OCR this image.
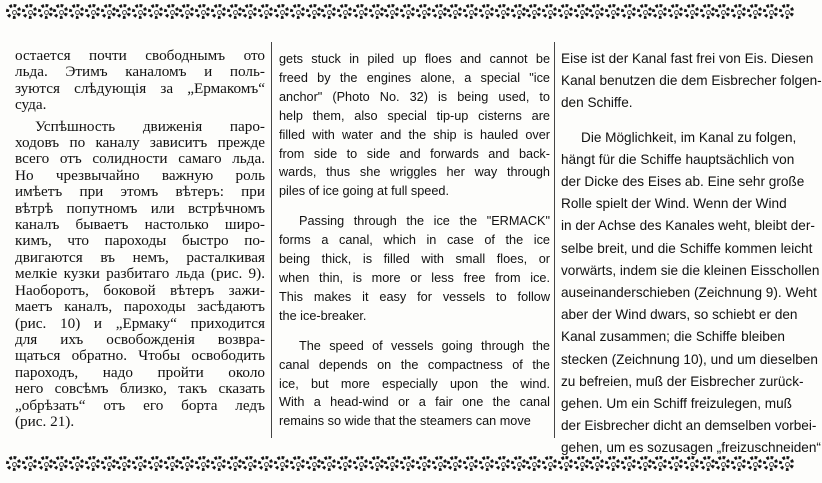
остается почти свободнымъ ото
льда. Этимъ каналомъ и поль-
зуются слѣдующія за „Ермакомъ“
суда.

Успѣшность движенія паро-
ходовъ по каналу зависитъ прежде
всего отъ солидности самаго льда.
Но чрезвычайно важную роль
имѣетъ при этомъ вѣтеръ: при
вѣтрѣ попутномъ или встрѣчномъ
каналъ бываетъ настолько широ-
кимъ, что пароходы быстро по-
двигаются въ немъ, расталкивая
мелкіе кузки разбитаго льда (рис. 9).
Наоборотъ, боковой вѣтеръ зажи-
маетъ каналъ, пароходы засѣдаютъ
(рис. 10) и „Ермаку“ приходится
для ихъ освобожденія возвра-
щаться обратно. Чтобы освободить
пароходъ, надо пройти около
него совсѣмъ близко, такъ сказать
„обрѣзать“ отъ его борта ледъ
(рис. 21).

gets stuck in piled up floes and cannot be
freed by the engines alone, a special "ice
anchor" (Photo No. 32) is being used, to
help them, also special tip-up cisterns are
filled with water and the ship is hauled over
from side to side and forwards and back-
wards, thus she wriggles her way through
piles of ice going at full speed.

Passing through the ice the "ERMACK"
forms a canal, which in case of the ice
being thick, is filled with small floes, or
when thin, is more or less free from ice.
This makes it easy for vessels to follow
the ice-breaker.

The speed of vessels going through the
canal depends on the compactness of the
ice, but more especially upon the wind.
With a head-wind or a fair one the canal
remains so wide that the steamers can move

Eise ist der Kanal fast frei von Eis. Diesen
Kanal benutzen die dem Eisbrecher folgen-
den Schiffe.

Die Möglichkeit, im Kanal zu folgen,
hängt für die Schiffe hauptsächlich von
der Dicke des Eises ab. Eine sehr große
Rolle spielt der Wind. Wenn der Wind
in der Achse des Kanales weht, bleibt der-
selbe breit, und die Schiffe kommen leicht
vorwärts, indem sie die kleinen Eisschollen
auseinanderschieben (Zeichnung 9). Weht
aber der Wind dwars, so schiebt er den
Kanal zusammen; die Schiffe bleiben
stecken (Zeichnung 10), und um dieselben
zu befreien, muß der Eisbrecher zurück-
gehen. Um ein Schiff freizulegen, muß
der Eisbrecher dicht an demselben vorbei-
gehen, um es sozusagen „freizuschneiden“
